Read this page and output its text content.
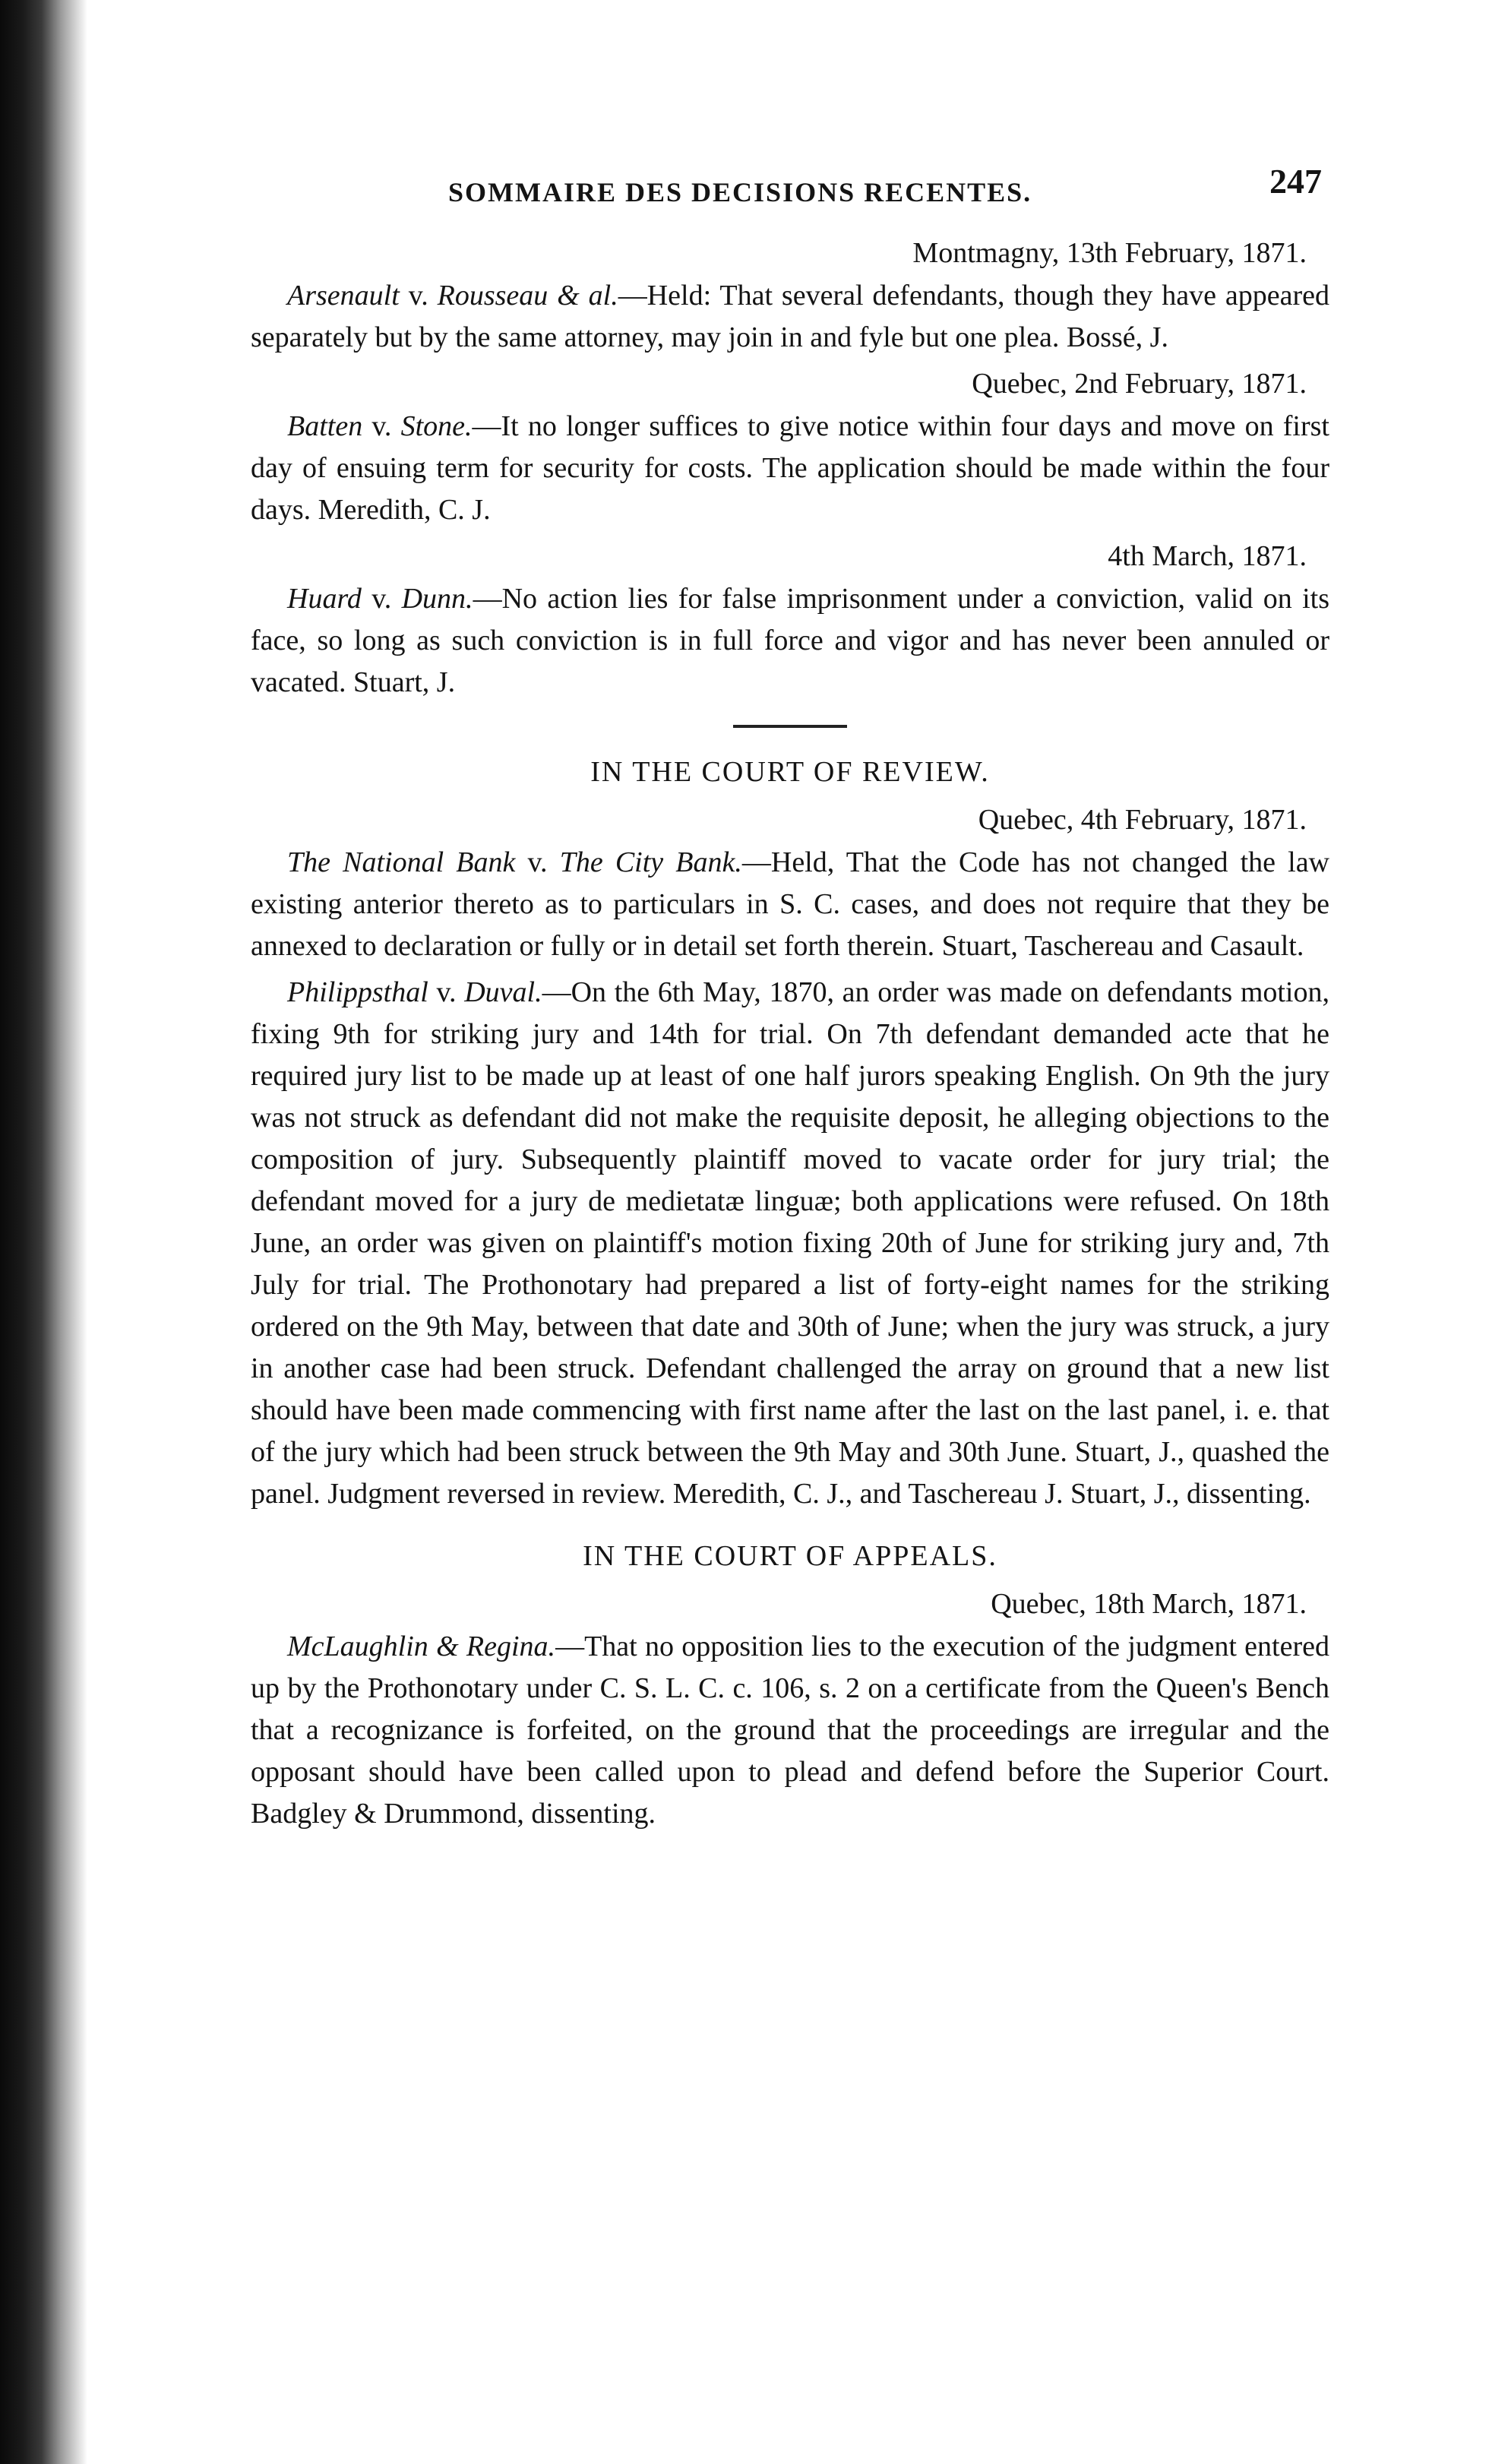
SOMMAIRE DES DECISIONS RECENTES.	247
Montmagny, 13th February, 1871.

Arsenault v. Rousseau & al.—Held: That several defendants, though they have appeared separately but by the same attorney, may join in and fyle but one plea. Bossé, J.

Quebec, 2nd February, 1871.

Batten v. Stone.—It no longer suffices to give notice within four days and move on first day of ensuing term for security for costs. The application should be made within the four days. Meredith, C. J.

4th March, 1871.

Huard v. Dunn.—No action lies for false imprisonment under a conviction, valid on its face, so long as such conviction is in full force and vigor and has never been annuled or vacated. Stuart, J.

IN THE COURT OF REVIEW.
Quebec, 4th February, 1871.

The National Bank v. The City Bank.—Held, That the Code has not changed the law existing anterior thereto as to particulars in S. C. cases, and does not require that they be annexed to declaration or fully or in detail set forth therein. Stuart, Taschereau and Casault.

Philippsthal v. Duval.—On the 6th May, 1870, an order was made on defendants motion, fixing 9th for striking jury and 14th for trial. On 7th defendant demanded acte that he required jury list to be made up at least of one half jurors speaking English. On 9th the jury was not struck as defendant did not make the requisite deposit, he alleging objections to the composition of jury. Subsequently plaintiff moved to vacate order for jury trial; the defendant moved for a jury de medietatæ linguæ; both applications were refused. On 18th June, an order was given on plaintiff's motion fixing 20th of June for striking jury and, 7th July for trial. The Prothonotary had prepared a list of forty-eight names for the striking ordered on the 9th May, between that date and 30th of June; when the jury was struck, a jury in another case had been struck. Defendant challenged the array on ground that a new list should have been made commencing with first name after the last on the last panel, i. e. that of the jury which had been struck between the 9th May and 30th June. Stuart, J., quashed the panel. Judgment reversed in review. Meredith, C. J., and Taschereau J. Stuart, J., dissenting.

IN THE COURT OF APPEALS.
Quebec, 18th March, 1871.

McLaughlin & Regina.—That no opposition lies to the execution of the judgment entered up by the Prothonotary under C. S. L. C. c. 106, s. 2 on a certificate from the Queen's Bench that a recognizance is forfeited, on the ground that the proceedings are irregular and the opposant should have been called upon to plead and defend before the Superior Court. Badgley & Drummond, dissenting.
